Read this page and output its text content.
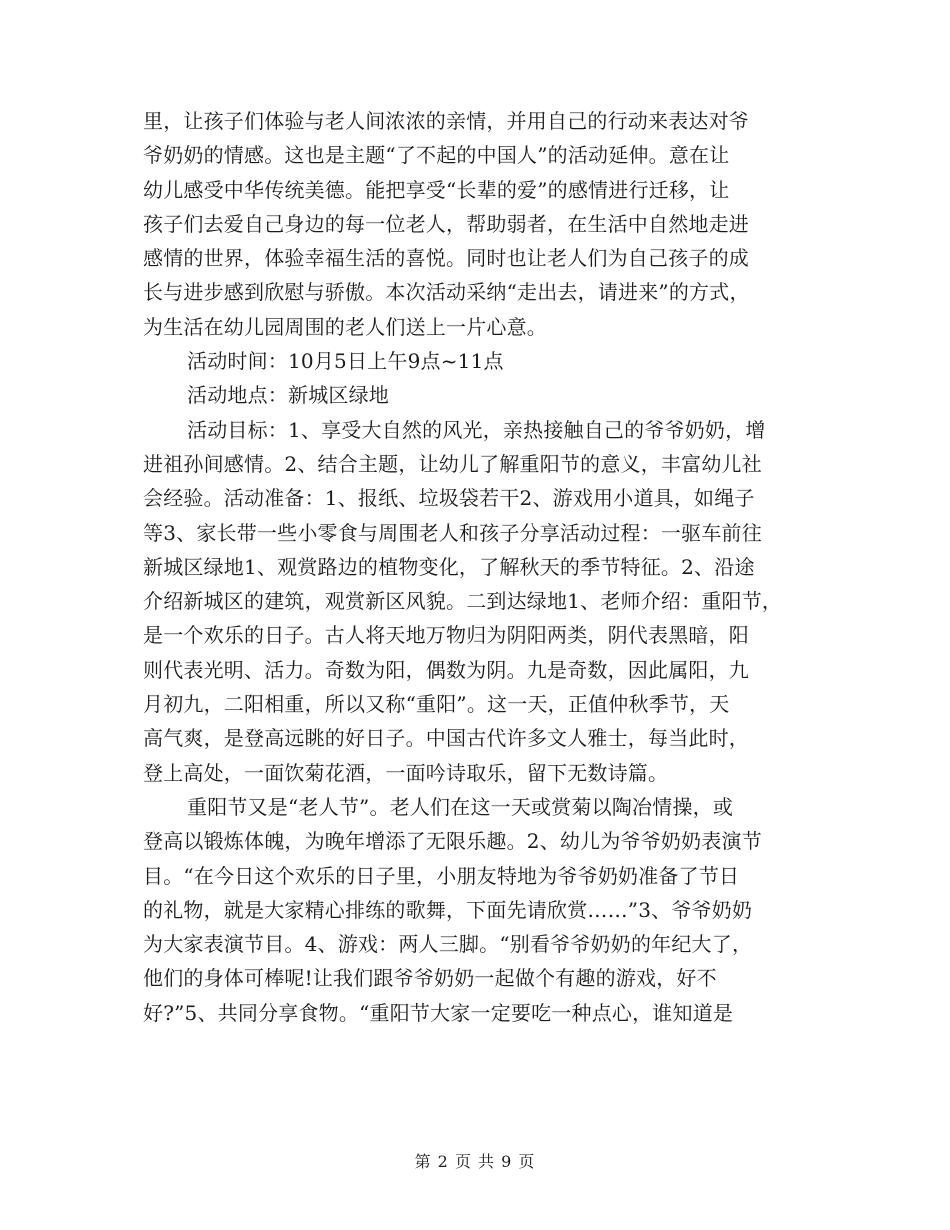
里，让孩子们体验与老人间浓浓的亲情，并用自己的行动来表达对爷
爷奶奶的情感。这也是主题“了不起的中国人”的活动延伸。意在让
幼儿感受中华传统美德。能把享受“长辈的爱”的感情进行迁移，让
孩子们去爱自己身边的每一位老人，帮助弱者，在生活中自然地走进
感情的世界，体验幸福生活的喜悦。同时也让老人们为自己孩子的成
长与进步感到欣慰与骄傲。本次活动采纳“走出去，请进来”的方式，
为生活在幼儿园周围的老人们送上一片心意。
活动时间：10月5日上午9点~11点
活动地点：新城区绿地
活动目标：1、享受大自然的风光，亲热接触自己的爷爷奶奶，增
进祖孙间感情。2、结合主题，让幼儿了解重阳节的意义，丰富幼儿社
会经验。活动准备：1、报纸、垃圾袋若干2、游戏用小道具，如绳子
等3、家长带一些小零食与周围老人和孩子分享活动过程：一驱车前往
新城区绿地1、观赏路边的植物变化，了解秋天的季节特征。2、沿途
介绍新城区的建筑，观赏新区风貌。二到达绿地1、老师介绍：重阳节，
是一个欢乐的日子。古人将天地万物归为阴阳两类，阴代表黑暗，阳
则代表光明、活力。奇数为阳，偶数为阴。九是奇数，因此属阳，九
月初九，二阳相重，所以又称“重阳”。这一天，正值仲秋季节，天
高气爽，是登高远眺的好日子。中国古代许多文人雅士，每当此时，
登上高处，一面饮菊花酒，一面吟诗取乐，留下无数诗篇。
重阳节又是“老人节”。老人们在这一天或赏菊以陶冶情操，或
登高以锻炼体魄，为晚年增添了无限乐趣。2、幼儿为爷爷奶奶表演节
目。“在今日这个欢乐的日子里，小朋友特地为爷爷奶奶准备了节日
的礼物，就是大家精心排练的歌舞，下面先请欣赏……”3、爷爷奶奶
为大家表演节目。4、游戏：两人三脚。“别看爷爷奶奶的年纪大了，
他们的身体可棒呢!让我们跟爷爷奶奶一起做个有趣的游戏，好不
好?”5、共同分享食物。“重阳节大家一定要吃一种点心，谁知道是
第 2 页 共 9 页
